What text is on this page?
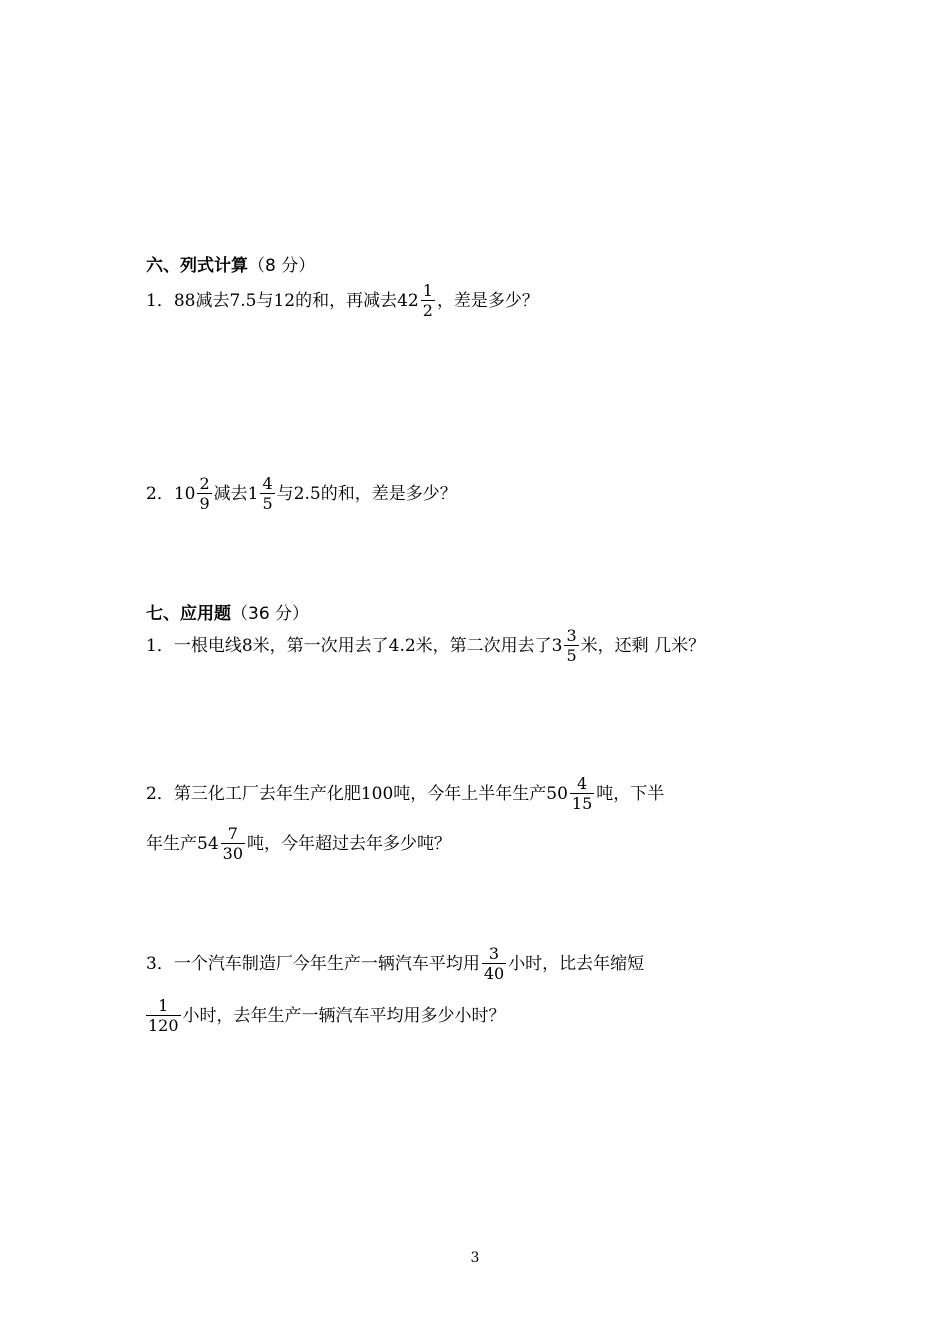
六、列式计算（8 分）
1．88减去7.5与12的和，再减去$42 \frac{1}{2}$ ，差是多少？
2．$10 \frac{2}{9}$ 减去$1 \frac{4}{5}$ 与2.5的和，差是多少？
七、应用题（36 分）
1．一根电线8米，第一次用去了4.2米，第二次用去了$3 \frac{3}{5}$ 米，还剩 几米？
2．第三化工厂去年生产化肥100吨，今年上半年生产$50 \frac{4}{15}$ 吨，下半
年生产$54 \frac{7}{30}$ 吨，今年超过去年多少吨？
3．一个汽车制造厂今年生产一辆汽车平均用 $\frac{3}{40}$ 小时，比去年缩短
$\frac{1}{120}$ 小时，去年生产一辆汽车平均用多少小时？
3
